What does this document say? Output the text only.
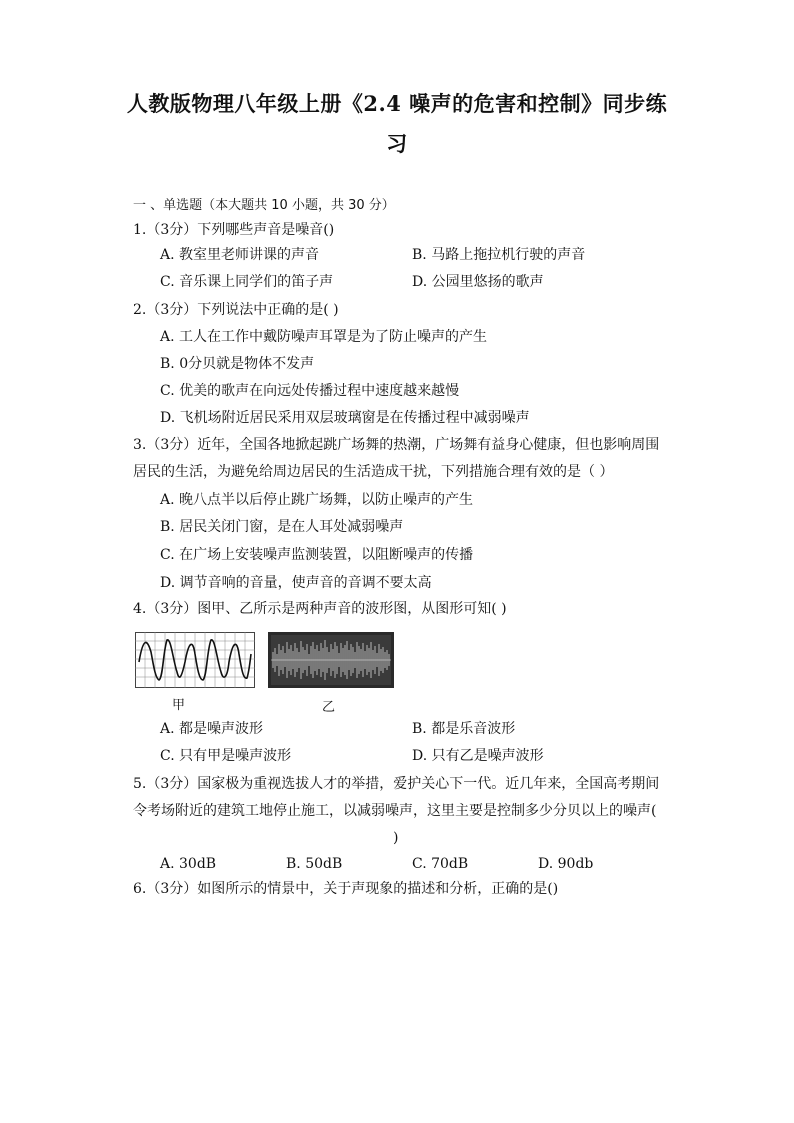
人教版物理八年级上册《2.4 噪声的危害和控制》同步练
习
一 、单选题（本大题共 10 小题，共 30 分）
1.（3分）下列哪些声音是噪音()
A. 教室里老师讲课的声音	B. 马路上拖拉机行驶的声音
C. 音乐课上同学们的笛子声	D. 公园里悠扬的歌声
2.（3分）下列说法中正确的是( )
A. 工人在工作中戴防噪声耳罩是为了防止噪声的产生
B. 0分贝就是物体不发声
C. 优美的歌声在向远处传播过程中速度越来越慢
D. 飞机场附近居民采用双层玻璃窗是在传播过程中减弱噪声
3.（3分）近年，全国各地掀起跳广场舞的热潮，广场舞有益身心健康，但也影响周围
居民的生活，为避免给周边居民的生活造成干扰，下列措施合理有效的是（ ）
A. 晚八点半以后停止跳广场舞，以防止噪声的产生
B. 居民关闭门窗，是在人耳处减弱噪声
C. 在广场上安装噪声监测装置，以阻断噪声的传播
D. 调节音响的音量，使声音的音调不要太高
4.（3分）图甲、乙所示是两种声音的波形图，从图形可知( )
甲	乙
A. 都是噪声波形	B. 都是乐音波形
C. 只有甲是噪声波形	D. 只有乙是噪声波形
5.（3分）国家极为重视选拔人才的举措，爱护关心下一代。近几年来，全国高考期间
令考场附近的建筑工地停止施工，以减弱噪声，这里主要是控制多少分贝以上的噪声(
)
A. 30dB	B. 50dB	C. 70dB	D. 90db
6.（3分）如图所示的情景中，关于声现象的描述和分析，正确的是()
